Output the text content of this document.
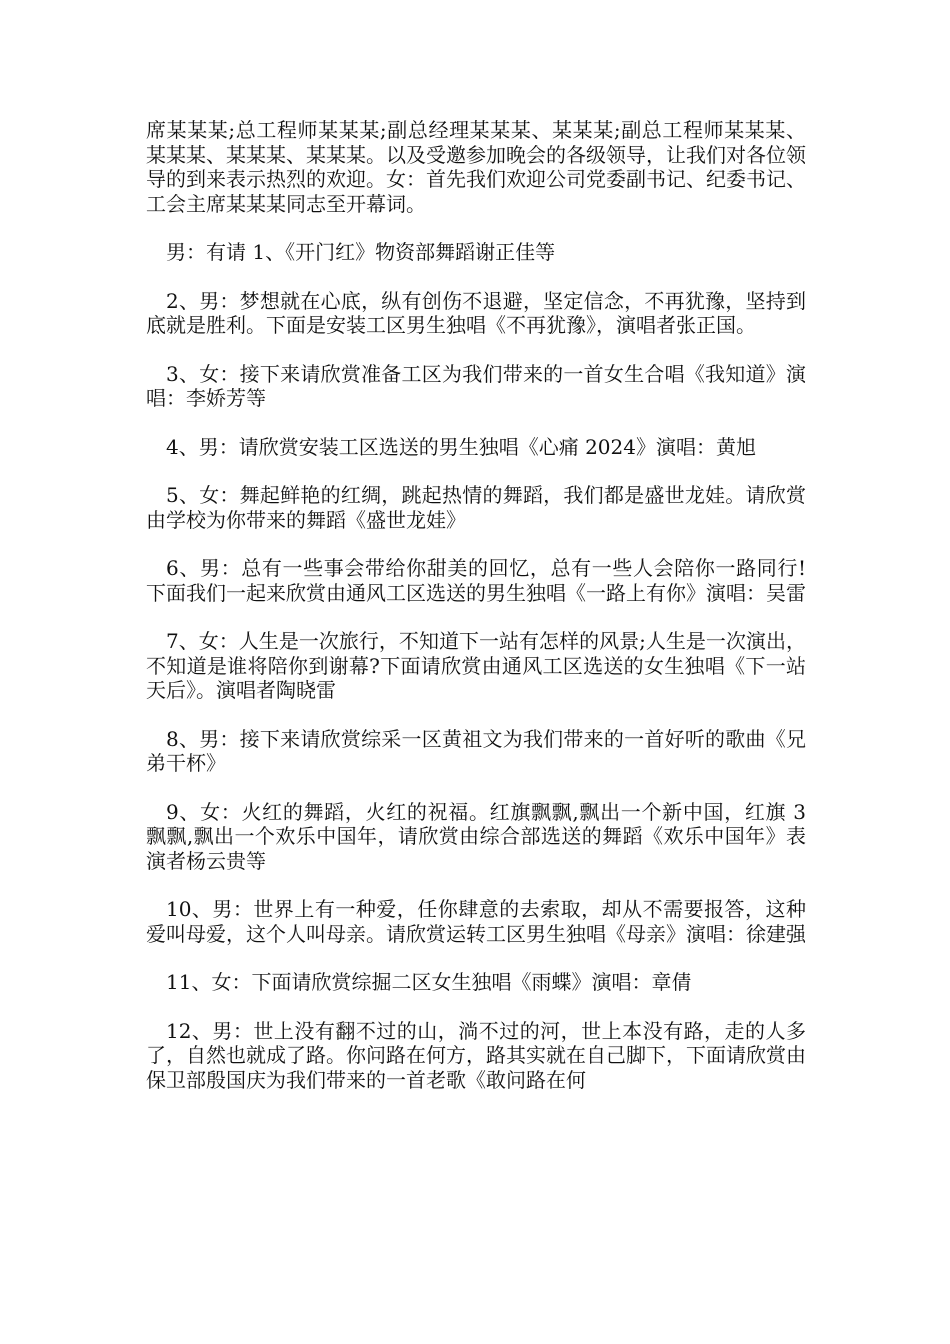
席某某某;总工程师某某某;副总经理某某某、某某某;副总工程师某某某、某某某、某某某、某某某。以及受邀参加晚会的各级领导，让我们对各位领导的到来表示热烈的欢迎。女：首先我们欢迎公司党委副书记、纪委书记、工会主席某某某同志至开幕词。

男：有请 1、《开门红》物资部舞蹈谢正佳等

2、男：梦想就在心底，纵有创伤不退避，坚定信念，不再犹豫，坚持到底就是胜利。下面是安装工区男生独唱《不再犹豫》，演唱者张正国。

3、女：接下来请欣赏准备工区为我们带来的一首女生合唱《我知道》演唱：李娇芳等

4、男：请欣赏安装工区选送的男生独唱《心痛 2024》演唱：黄旭

5、女：舞起鲜艳的红绸，跳起热情的舞蹈，我们都是盛世龙娃。请欣赏由学校为你带来的舞蹈《盛世龙娃》

6、男：总有一些事会带给你甜美的回忆，总有一些人会陪你一路同行!下面我们一起来欣赏由通风工区选送的男生独唱《一路上有你》演唱：吴雷

7、女：人生是一次旅行，不知道下一站有怎样的风景;人生是一次演出，不知道是谁将陪你到谢幕?下面请欣赏由通风工区选送的女生独唱《下一站天后》。演唱者陶晓雷

8、男：接下来请欣赏综采一区黄祖文为我们带来的一首好听的歌曲《兄弟干杯》

9、女：火红的舞蹈，火红的祝福。红旗飘飘,飘出一个新中国，红旗 3 飘飘,飘出一个欢乐中国年，请欣赏由综合部选送的舞蹈《欢乐中国年》表演者杨云贵等

10、男：世界上有一种爱，任你肆意的去索取，却从不需要报答，这种爱叫母爱，这个人叫母亲。请欣赏运转工区男生独唱《母亲》演唱：徐建强

11、女：下面请欣赏综掘二区女生独唱《雨蝶》演唱：章倩

12、男：世上没有翻不过的山，淌不过的河，世上本没有路，走的人多了，自然也就成了路。你问路在何方，路其实就在自己脚下，下面请欣赏由保卫部殷国庆为我们带来的一首老歌《敢问路在何
